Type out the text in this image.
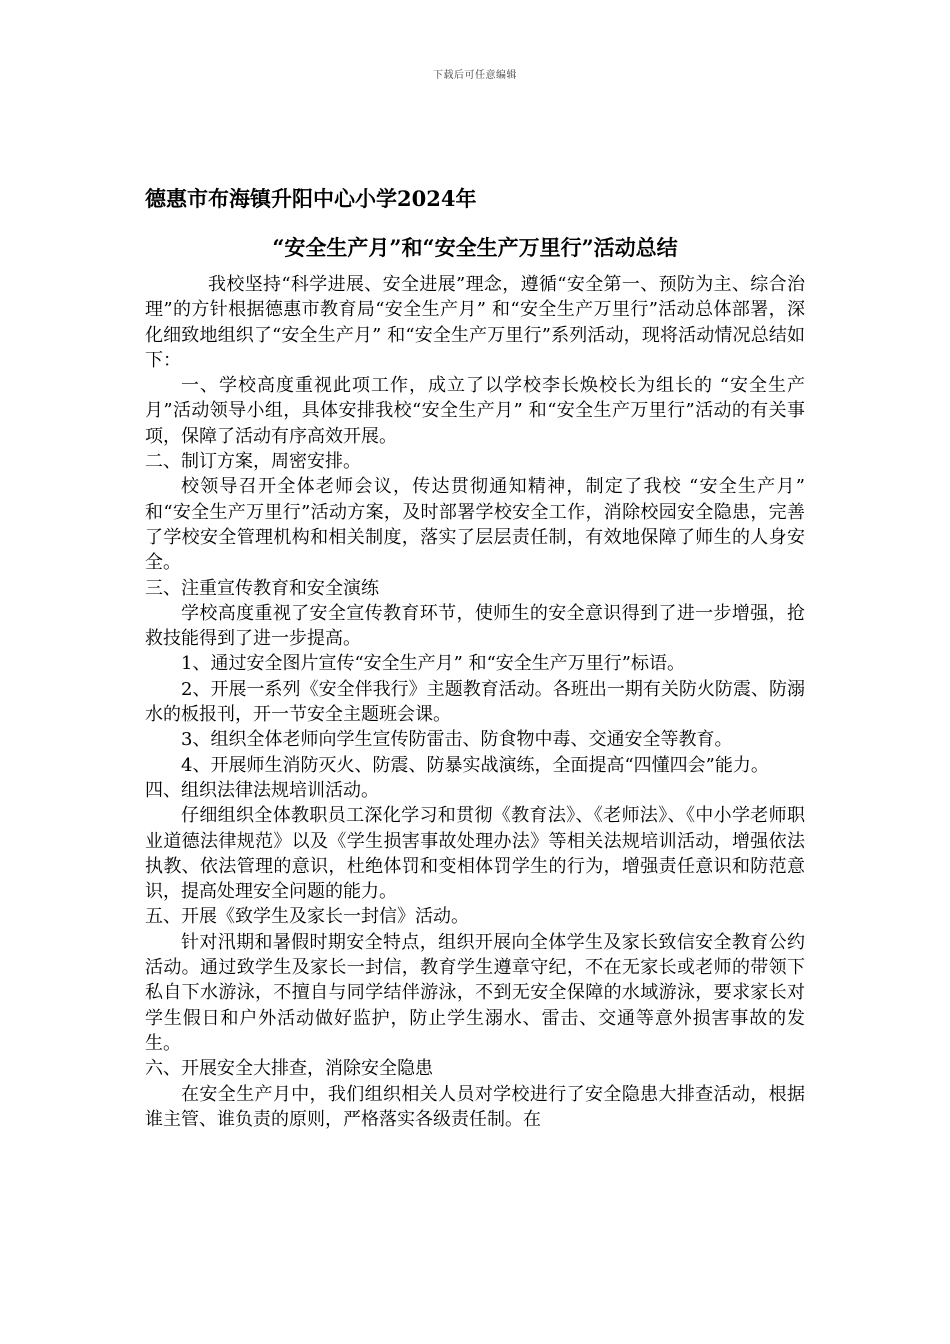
下载后可任意编辑
德惠市布海镇升阳中心小学2024年
“安全生产月”和“安全生产万里行”活动总结

我校坚持“科学进展、安全进展”理念，遵循“安全第一、预防为主、综合治理”的方针根据德惠市教育局“安全生产月” 和“安全生产万里行”活动总体部署，深化细致地组织了“安全生产月” 和“安全生产万里行”系列活动，现将活动情况总结如下：

一、学校高度重视此项工作，成立了以学校李长焕校长为组长的 “安全生产月”活动领导小组，具体安排我校“安全生产月” 和“安全生产万里行”活动的有关事项，保障了活动有序高效开展。

二、制订方案，周密安排。

校领导召开全体老师会议，传达贯彻通知精神，制定了我校 “安全生产月” 和“安全生产万里行”活动方案，及时部署学校安全工作，消除校园安全隐患，完善了学校安全管理机构和相关制度，落实了层层责任制，有效地保障了师生的人身安全。

三、注重宣传教育和安全演练

学校高度重视了安全宣传教育环节，使师生的安全意识得到了进一步增强，抢救技能得到了进一步提高。

1、通过安全图片宣传“安全生产月” 和“安全生产万里行”标语。

2、开展一系列《安全伴我行》主题教育活动。各班出一期有关防火防震、防溺水的板报刊，开一节安全主题班会课。

3、组织全体老师向学生宣传防雷击、防食物中毒、交通安全等教育。

4、开展师生消防灭火、防震、防暴实战演练，全面提高“四懂四会”能力。

四、组织法律法规培训活动。

仔细组织全体教职员工深化学习和贯彻《教育法》、《老师法》、《中小学老师职业道德法律规范》以及《学生损害事故处理办法》等相关法规培训活动，增强依法执教、依法管理的意识，杜绝体罚和变相体罚学生的行为，增强责任意识和防范意识，提高处理安全问题的能力。

五、开展《致学生及家长一封信》活动。

针对汛期和暑假时期安全特点，组织开展向全体学生及家长致信安全教育公约活动。通过致学生及家长一封信，教育学生遵章守纪，不在无家长或老师的带领下私自下水游泳，不擅自与同学结伴游泳，不到无安全保障的水域游泳，要求家长对学生假日和户外活动做好监护，防止学生溺水、雷击、交通等意外损害事故的发生。

六、开展安全大排查，消除安全隐患

在安全生产月中，我们组织相关人员对学校进行了安全隐患大排查活动，根据谁主管、谁负责的原则，严格落实各级责任制。在
